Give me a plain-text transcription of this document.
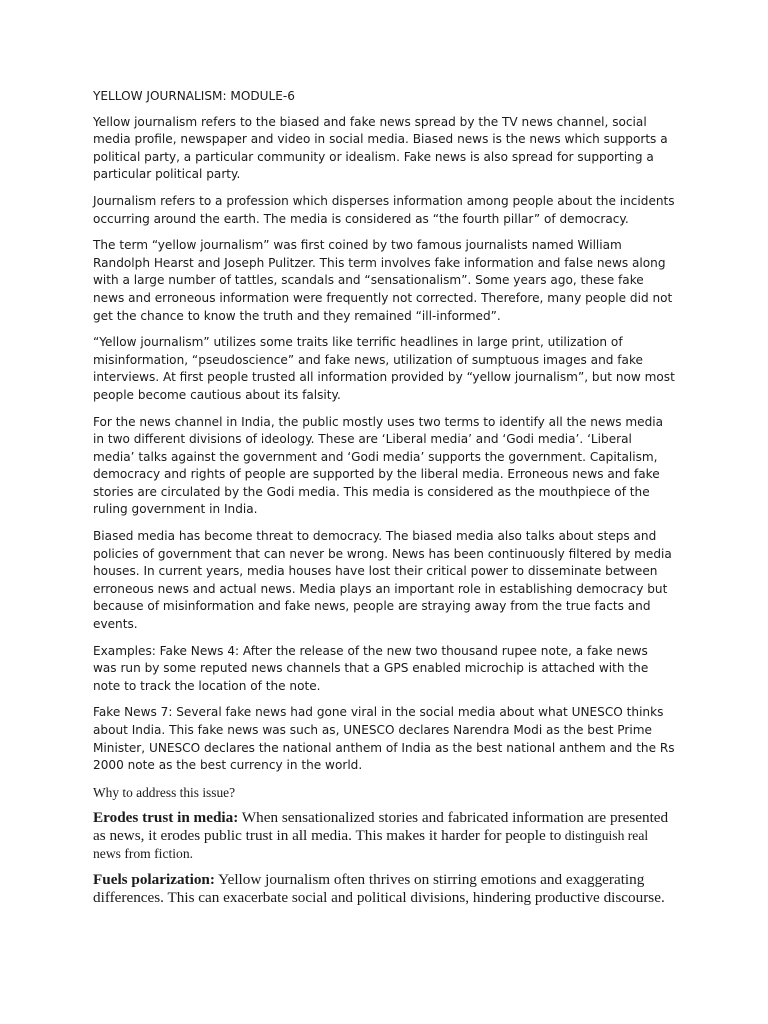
YELLOW JOURNALISM: MODULE-6

Yellow journalism refers to the biased and fake news spread by the TV news channel, social media profile, newspaper and video in social media. Biased news is the news which supports a political party, a particular community or idealism. Fake news is also spread for supporting a particular political party.

Journalism refers to a profession which disperses information among people about the incidents occurring around the earth. The media is considered as “the fourth pillar” of democracy.

The term “yellow journalism” was first coined by two famous journalists named William Randolph Hearst and Joseph Pulitzer. This term involves fake information and false news along with a large number of tattles, scandals and “sensationalism”. Some years ago, these fake news and erroneous information were frequently not corrected. Therefore, many people did not get the chance to know the truth and they remained “ill-informed”.

“Yellow journalism” utilizes some traits like terrific headlines in large print, utilization of misinformation, “pseudoscience” and fake news, utilization of sumptuous images and fake interviews. At first people trusted all information provided by “yellow journalism”, but now most people become cautious about its falsity.

For the news channel in India, the public mostly uses two terms to identify all the news media in two different divisions of ideology. These are ‘Liberal media’ and ‘Godi media’. ‘Liberal media’ talks against the government and ‘Godi media’ supports the government. Capitalism, democracy and rights of people are supported by the liberal media. Erroneous news and fake stories are circulated by the Godi media. This media is considered as the mouthpiece of the ruling government in India.

Biased media has become threat to democracy. The biased media also talks about steps and policies of government that can never be wrong. News has been continuously filtered by media houses. In current years, media houses have lost their critical power to disseminate between erroneous news and actual news. Media plays an important role in establishing democracy but because of misinformation and fake news, people are straying away from the true facts and events.

Examples: Fake News 4: After the release of the new two thousand rupee note, a fake news was run by some reputed news channels that a GPS enabled microchip is attached with the note to track the location of the note.

Fake News 7: Several fake news had gone viral in the social media about what UNESCO thinks about India. This fake news was such as, UNESCO declares Narendra Modi as the best Prime Minister, UNESCO declares the national anthem of India as the best national anthem and the Rs 2000 note as the best currency in the world.

Why to address this issue?

Erodes trust in media: When sensationalized stories and fabricated information are presented as news, it erodes public trust in all media. This makes it harder for people to distinguish real news from fiction.

Fuels polarization: Yellow journalism often thrives on stirring emotions and exaggerating differences. This can exacerbate social and political divisions, hindering productive discourse.
